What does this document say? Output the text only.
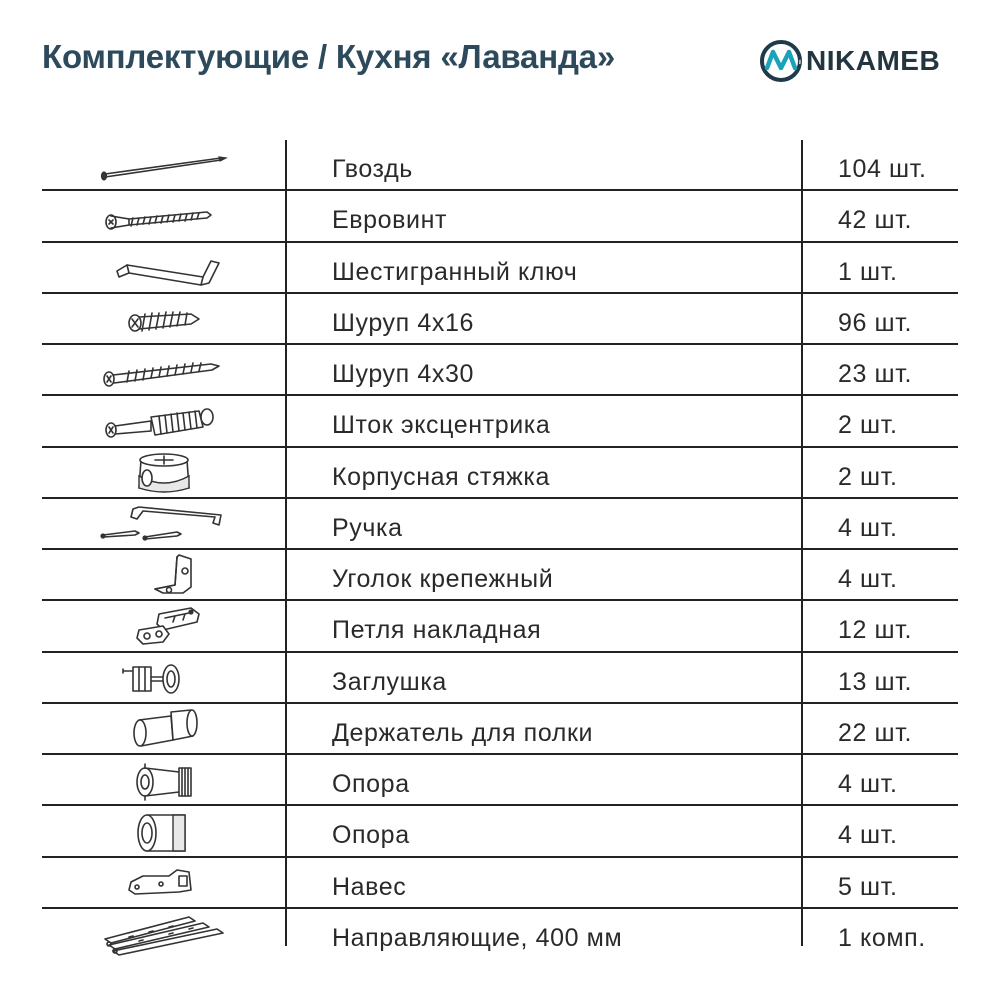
Комплектующие / Кухня «Лаванда»	NIKAMEB
Гвоздь	104 шт.
Евровинт	42 шт.
Шестигранный ключ	1 шт.
Шуруп 4х16	96 шт.
Шуруп 4х30	23 шт.
Шток эксцентрика	2 шт.
Корпусная стяжка	2 шт.
Ручка	4 шт.
Уголок крепежный	4 шт.
Петля накладная	12 шт.
Заглушка	13 шт.
Держатель для полки	22 шт.
Опора	4 шт.
Опора	4 шт.
Навес	5 шт.
Направляющие, 400 мм	1 комп.
